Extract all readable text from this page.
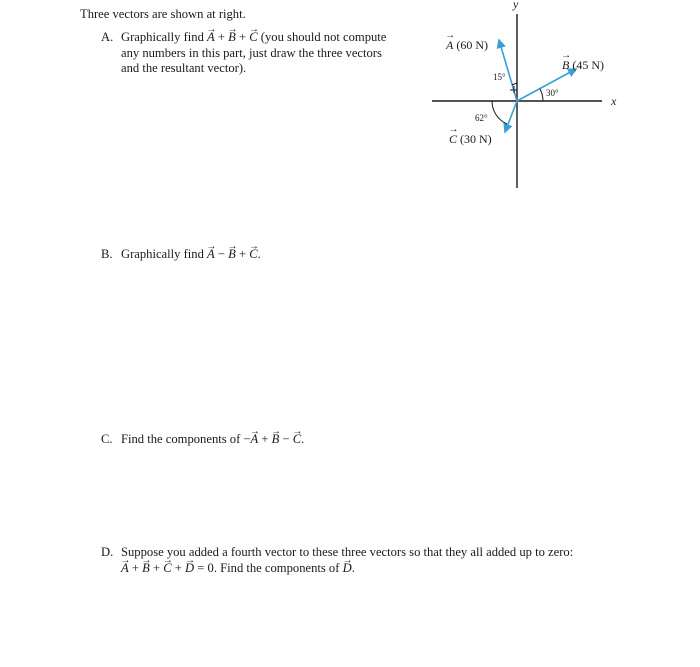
Three vectors are shown at right.
A. Graphically find → A + → B + → C (you should not compute
any numbers in this part, just draw the three vectors
and the resultant vector).
B. Graphically find → A − → B + → C.
C. Find the components of −→ A + → B − → C.
D. Suppose you added a fourth vector to these three vectors so that they all added up to zero:
→ A + → B + → C + → D = 0. Find the components of → D.
y
x
→ A (60 N)
→ B (45 N)
→ C (30 N)
15°
30°
62°
